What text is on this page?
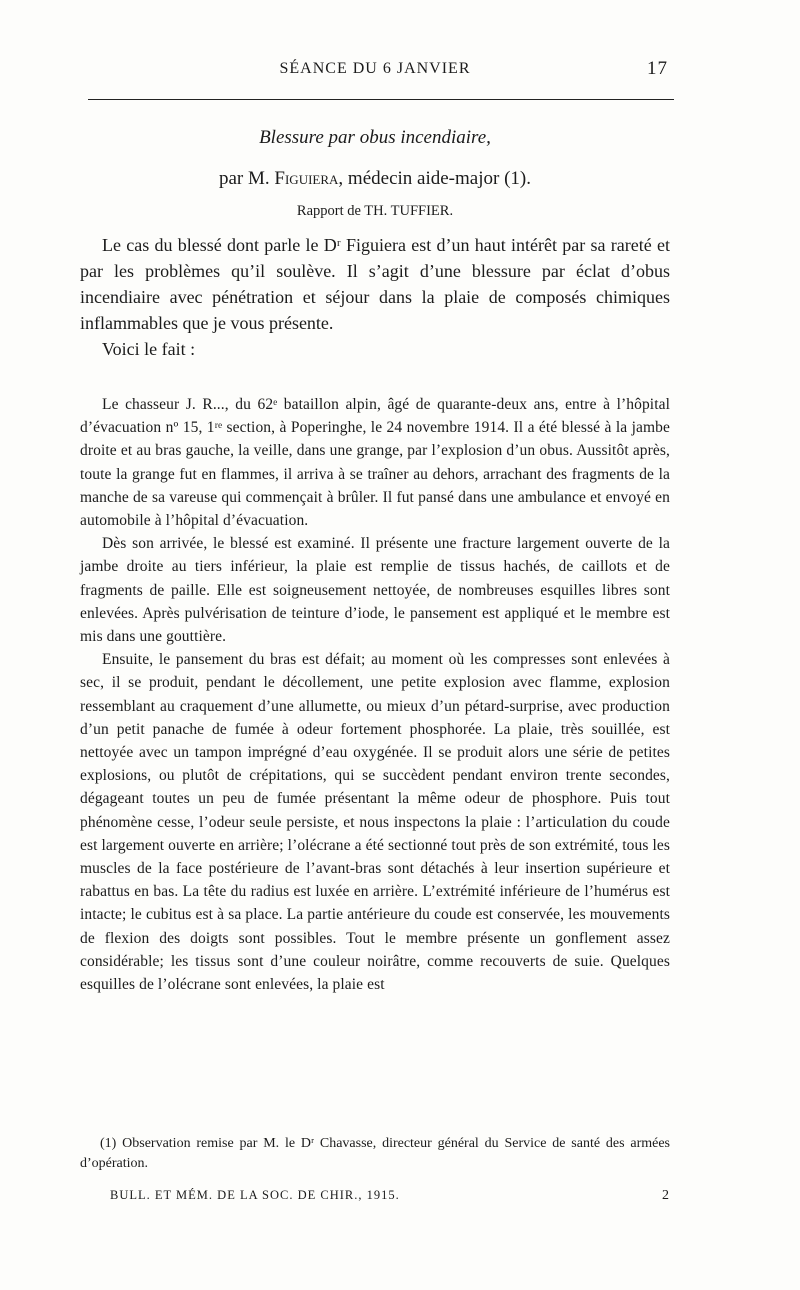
SÉANCE DU 6 JANVIER	17
Blessure par obus incendiaire,
par M. Figuiera, médecin aide-major (1).
Rapport de TH. TUFFIER.

Le cas du blessé dont parle le Dʳ Figuiera est d’un haut intérêt par sa rareté et par les problèmes qu’il soulève. Il s’agit d’une blessure par éclat d’obus incendiaire avec pénétration et séjour dans la plaie de composés chimiques inflammables que je vous présente.

Voici le fait :

Le chasseur J. R..., du 62ᵉ bataillon alpin, âgé de quarante-deux ans, entre à l’hôpital d’évacuation nº 15, 1ʳᵉ section, à Poperinghe, le 24 novembre 1914. Il a été blessé à la jambe droite et au bras gauche, la veille, dans une grange, par l’explosion d’un obus. Aussitôt après, toute la grange fut en flammes, il arriva à se traîner au dehors, arrachant des fragments de la manche de sa vareuse qui commençait à brûler. Il fut pansé dans une ambulance et envoyé en automobile à l’hôpital d’évacuation.

Dès son arrivée, le blessé est examiné. Il présente une fracture largement ouverte de la jambe droite au tiers inférieur, la plaie est remplie de tissus hachés, de caillots et de fragments de paille. Elle est soigneusement nettoyée, de nombreuses esquilles libres sont enlevées. Après pulvérisation de teinture d’iode, le pansement est appliqué et le membre est mis dans une gouttière.

Ensuite, le pansement du bras est défait; au moment où les compresses sont enlevées à sec, il se produit, pendant le décollement, une petite explosion avec flamme, explosion ressemblant au craquement d’une allumette, ou mieux d’un pétard-surprise, avec production d’un petit panache de fumée à odeur fortement phosphorée. La plaie, très souillée, est nettoyée avec un tampon imprégné d’eau oxygénée. Il se produit alors une série de petites explosions, ou plutôt de crépitations, qui se succèdent pendant environ trente secondes, dégageant toutes un peu de fumée présentant la même odeur de phosphore. Puis tout phénomène cesse, l’odeur seule persiste, et nous inspectons la plaie : l’articulation du coude est largement ouverte en arrière; l’olécrane a été sectionné tout près de son extrémité, tous les muscles de la face postérieure de l’avant-bras sont détachés à leur insertion supérieure et rabattus en bas. La tête du radius est luxée en arrière. L’extrémité inférieure de l’humérus est intacte; le cubitus est à sa place. La partie antérieure du coude est conservée, les mouvements de flexion des doigts sont possibles. Tout le membre présente un gonflement assez considérable; les tissus sont d’une couleur noirâtre, comme recouverts de suie. Quelques esquilles de l’olécrane sont enlevées, la plaie est

(1) Observation remise par M. le Dʳ Chavasse, directeur général du Service de santé des armées d’opération.

BULL. ET MÉM. DE LA SOC. DE CHIR., 1915.	2
